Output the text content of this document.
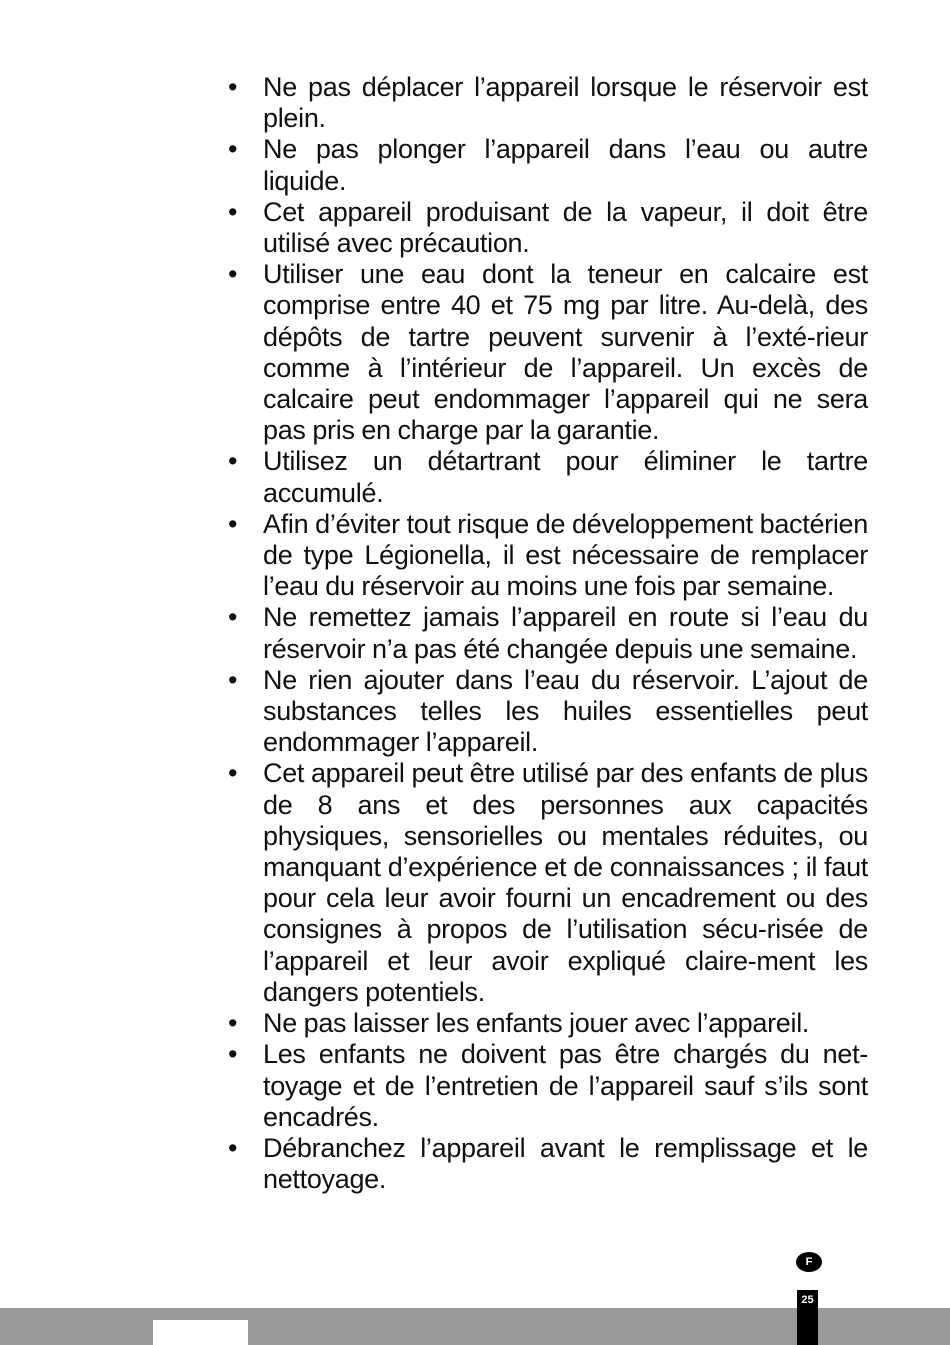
• Ne pas déplacer l’appareil lorsque le réservoir est plein.
• Ne pas plonger l’appareil dans l’eau ou autre liquide.
• Cet appareil produisant de la vapeur, il doit être utilisé avec précaution.
• Utiliser une eau dont la teneur en calcaire est comprise entre 40 et 75 mg par litre. Au-delà, des dépôts de tartre peuvent survenir à l’exté-rieur comme à l’intérieur de l’appareil. Un excès de calcaire peut endommager l’appareil qui ne sera pas pris en charge par la garantie.
• Utilisez un détartrant pour éliminer le tartre accumulé.
• Afin d’éviter tout risque de développement bactérien de type Légionella, il est nécessaire de remplacer l’eau du réservoir au moins une fois par semaine.
• Ne remettez jamais l’appareil en route si l’eau du réservoir n’a pas été changée depuis une semaine.
• Ne rien ajouter dans l’eau du réservoir. L’ajout de substances telles les huiles essentielles peut endommager l’appareil.
• Cet appareil peut être utilisé par des enfants de plus de 8 ans et des personnes aux capacités physiques, sensorielles ou mentales réduites, ou manquant d’expérience et de connaissances ; il faut pour cela leur avoir fourni un encadrement ou des consignes à propos de l’utilisation sécu-risée de l’appareil et leur avoir expliqué claire-ment les dangers potentiels.
• Ne pas laisser les enfants jouer avec l’appareil.
• Les enfants ne doivent pas être chargés du net-toyage et de l’entretien de l’appareil sauf s’ils sont encadrés.
• Débranchez l’appareil avant le remplissage et le nettoyage.
F
25
